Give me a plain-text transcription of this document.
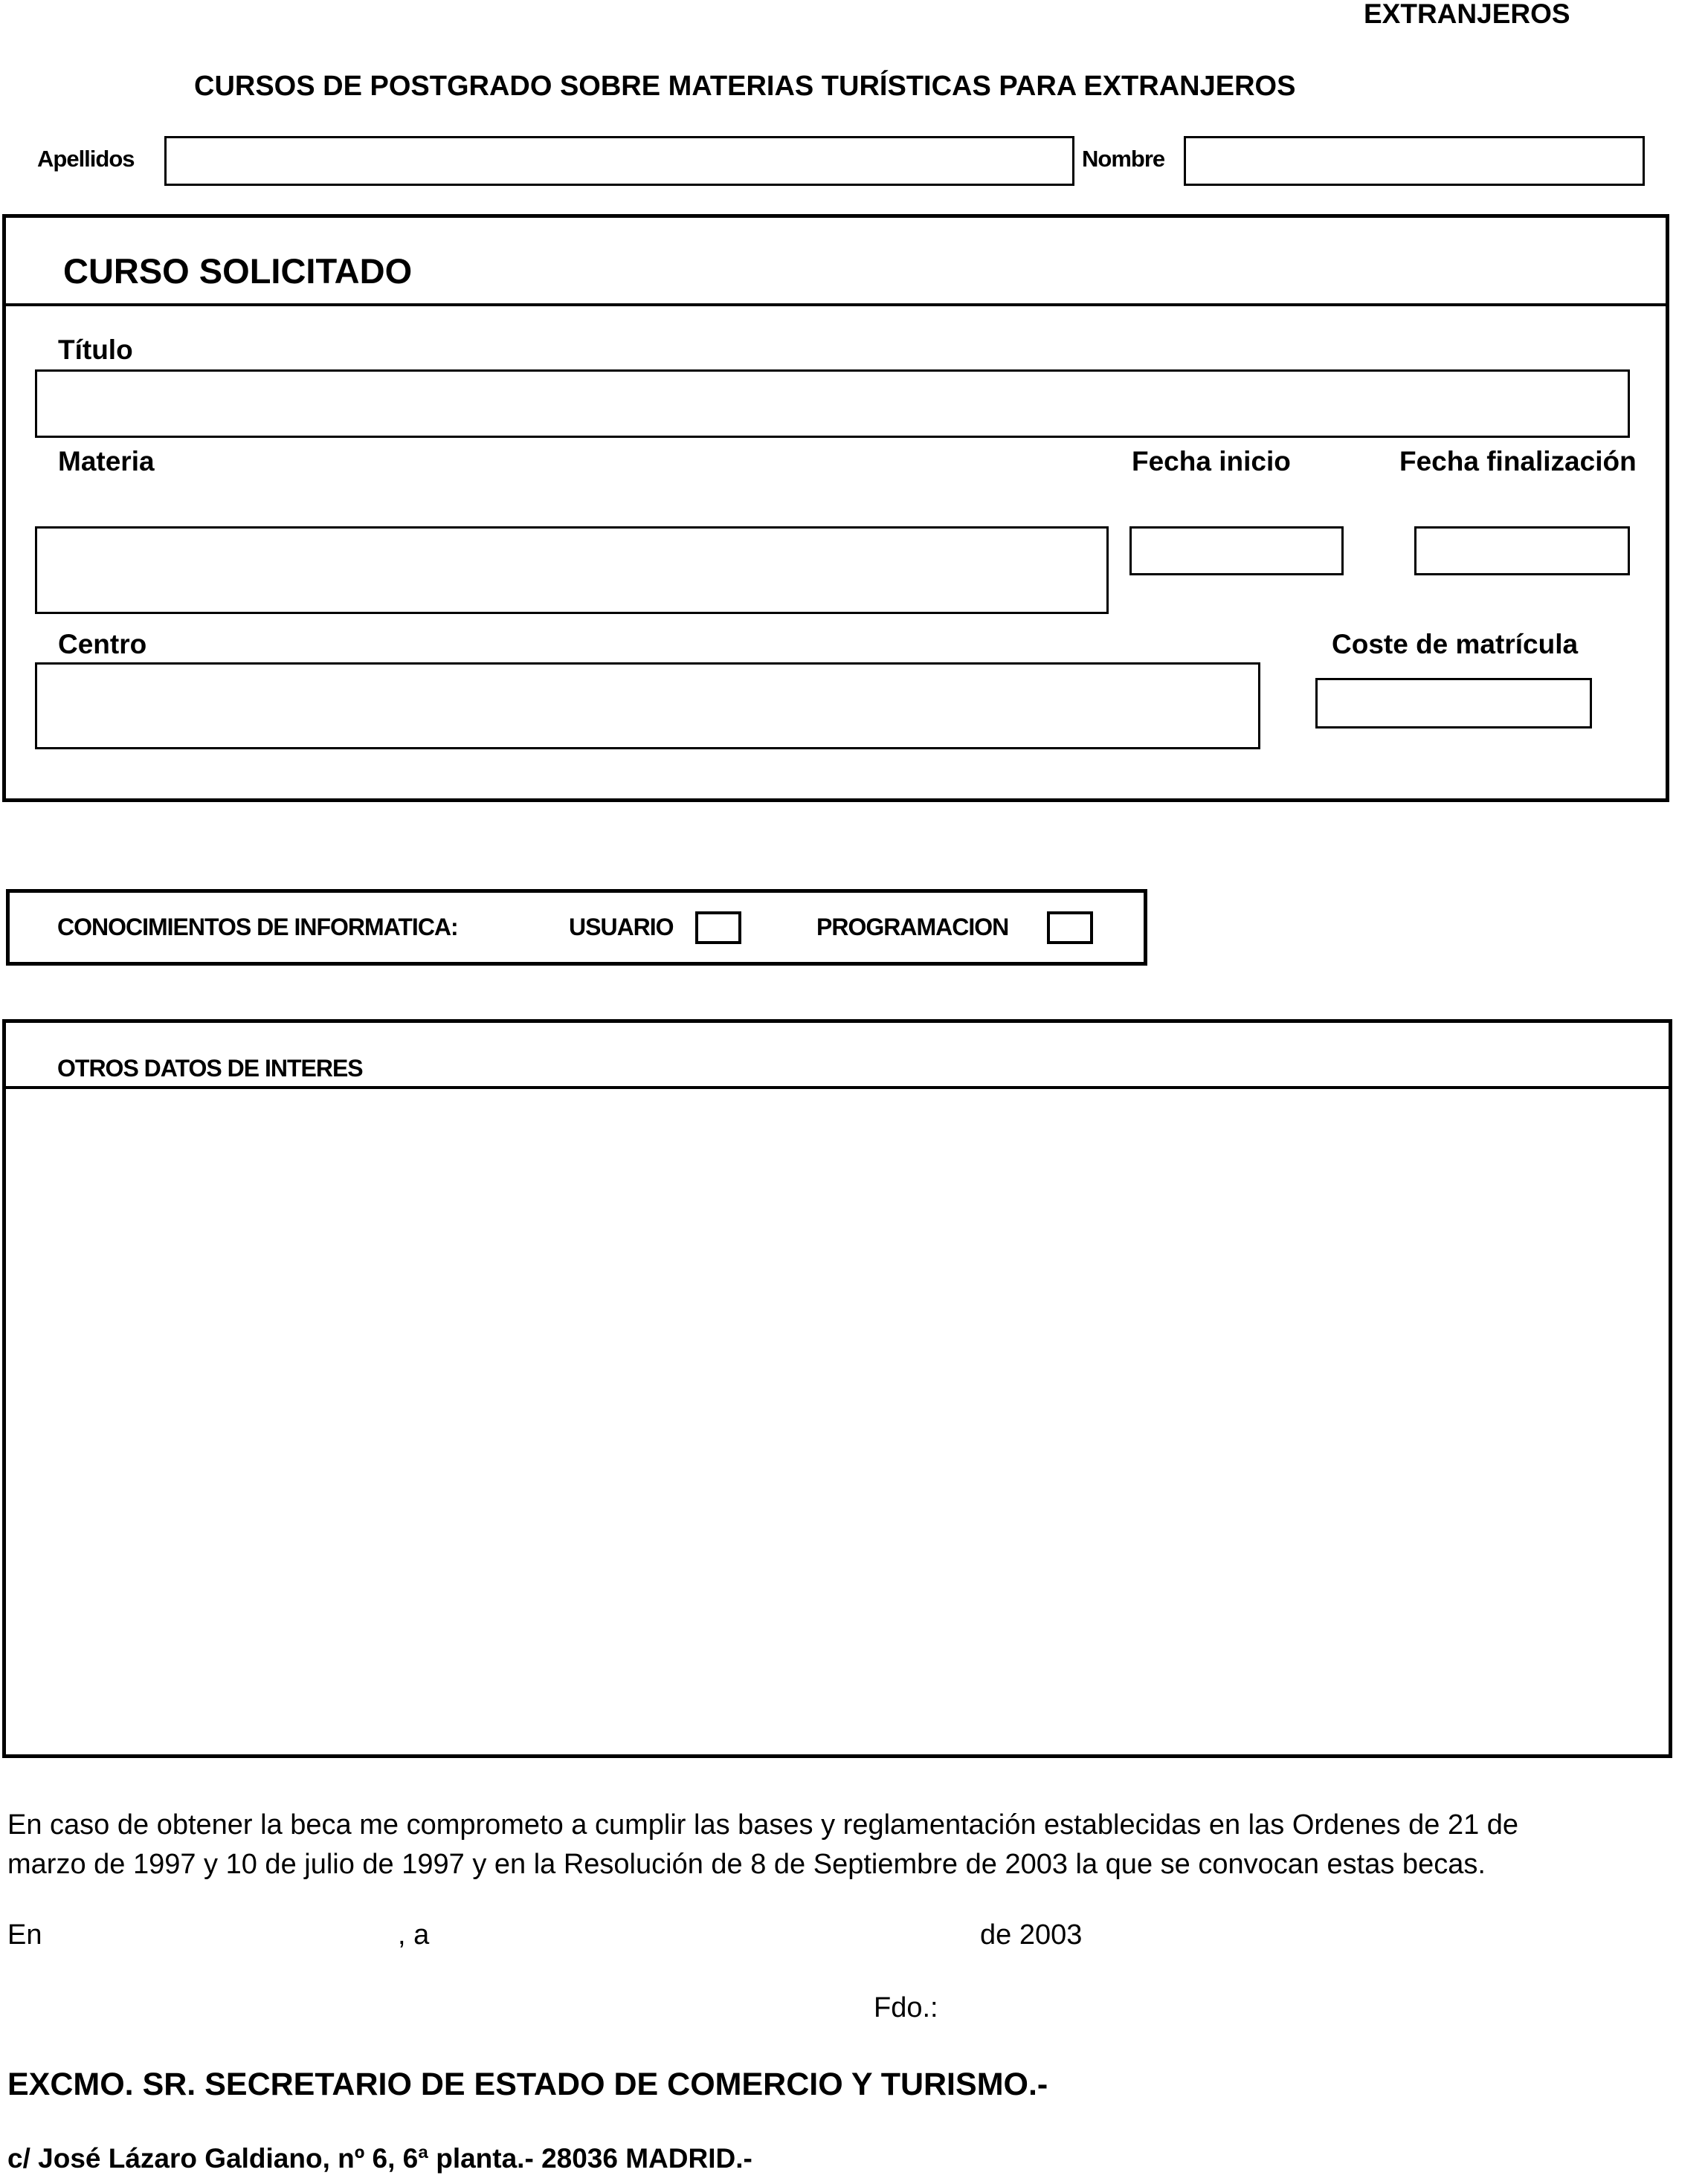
EXTRANJEROS
CURSOS DE POSTGRADO SOBRE MATERIAS TURÍSTICAS PARA EXTRANJEROS
Apellidos	Nombre
CURSO SOLICITADO
Título
Materia	Fecha inicio	Fecha finalización
Centro	Coste de matrícula
CONOCIMIENTOS DE INFORMATICA:	USUARIO	PROGRAMACION
OTROS DATOS DE INTERES
En caso de obtener la beca me comprometo a cumplir las bases y reglamentación establecidas en las Ordenes de 21 de
marzo de 1997 y 10 de julio de 1997 y en la Resolución de 8 de Septiembre de 2003 la que se convocan estas becas.
En	, a	de 2003
Fdo.:
EXCMO. SR. SECRETARIO DE ESTADO DE COMERCIO Y TURISMO.-
c/ José Lázaro Galdiano, nº 6, 6ª planta.- 28036 MADRID.-
